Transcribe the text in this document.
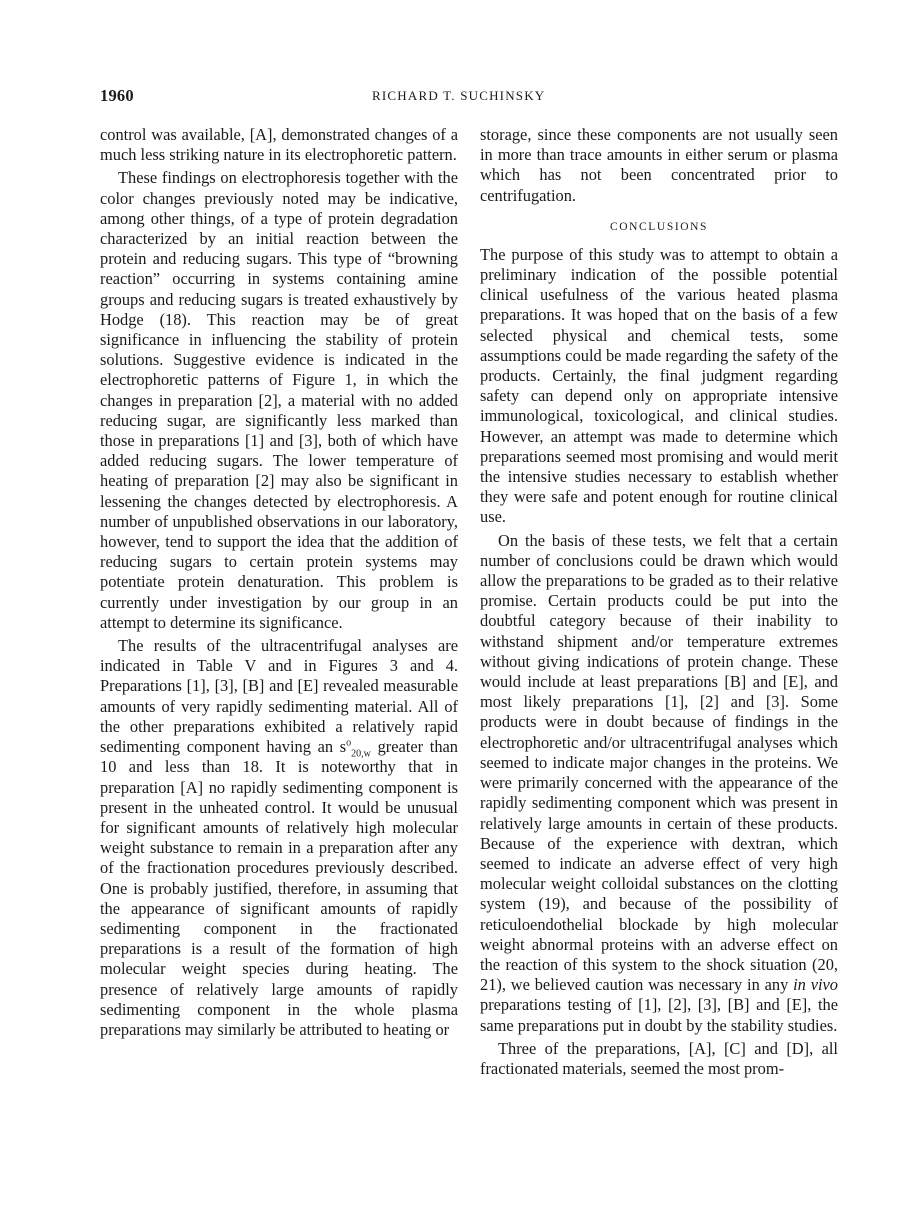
1960	RICHARD T. SUCHINSKY

control was available, [A], demonstrated changes of a much less striking nature in its electrophoretic pattern.

These findings on electrophoresis together with the color changes previously noted may be indicative, among other things, of a type of protein degradation characterized by an initial reaction between the protein and reducing sugars. This type of “browning reaction” occurring in systems containing amine groups and reducing sugars is treated exhaustively by Hodge (18). This reaction may be of great significance in influencing the stability of protein solutions. Suggestive evidence is indicated in the electrophoretic patterns of Figure 1, in which the changes in preparation [2], a material with no added reducing sugar, are significantly less marked than those in preparations [1] and [3], both of which have added reducing sugars. The lower temperature of heating of preparation [2] may also be significant in lessening the changes detected by electrophoresis. A number of unpublished observations in our laboratory, however, tend to support the idea that the addition of reducing sugars to certain protein systems may potentiate protein denaturation. This problem is currently under investigation by our group in an attempt to determine its significance.

The results of the ultracentrifugal analyses are indicated in Table V and in Figures 3 and 4. Preparations [1], [3], [B] and [E] revealed measurable amounts of very rapidly sedimenting material. All of the other preparations exhibited a relatively rapid sedimenting component having an $s^o_{20,w}$ greater than 10 and less than 18. It is noteworthy that in preparation [A] no rapidly sedimenting component is present in the unheated control. It would be unusual for significant amounts of relatively high molecular weight substance to remain in a preparation after any of the fractionation procedures previously described. One is probably justified, therefore, in assuming that the appearance of significant amounts of rapidly sedimenting component in the fractionated preparations is a result of the formation of high molecular weight species during heating. The presence of relatively large amounts of rapidly sedimenting component in the whole plasma preparations may similarly be attributed to heating or

storage, since these components are not usually seen in more than trace amounts in either serum or plasma which has not been concentrated prior to centrifugation.

CONCLUSIONS

The purpose of this study was to attempt to obtain a preliminary indication of the possible potential clinical usefulness of the various heated plasma preparations. It was hoped that on the basis of a few selected physical and chemical tests, some assumptions could be made regarding the safety of the products. Certainly, the final judgment regarding safety can depend only on appropriate intensive immunological, toxicological, and clinical studies. However, an attempt was made to determine which preparations seemed most promising and would merit the intensive studies necessary to establish whether they were safe and potent enough for routine clinical use.

On the basis of these tests, we felt that a certain number of conclusions could be drawn which would allow the preparations to be graded as to their relative promise. Certain products could be put into the doubtful category because of their inability to withstand shipment and/or temperature extremes without giving indications of protein change. These would include at least preparations [B] and [E], and most likely preparations [1], [2] and [3]. Some products were in doubt because of findings in the electrophoretic and/or ultracentrifugal analyses which seemed to indicate major changes in the proteins. We were primarily concerned with the appearance of the rapidly sedimenting component which was present in relatively large amounts in certain of these products. Because of the experience with dextran, which seemed to indicate an adverse effect of very high molecular weight colloidal substances on the clotting system (19), and because of the possibility of reticuloendothelial blockade by high molecular weight abnormal proteins with an adverse effect on the reaction of this system to the shock situation (20, 21), we believed caution was necessary in any in vivo preparations testing of [1], [2], [3], [B] and [E], the same preparations put in doubt by the stability studies.

Three of the preparations, [A], [C] and [D], all fractionated materials, seemed the most prom-
